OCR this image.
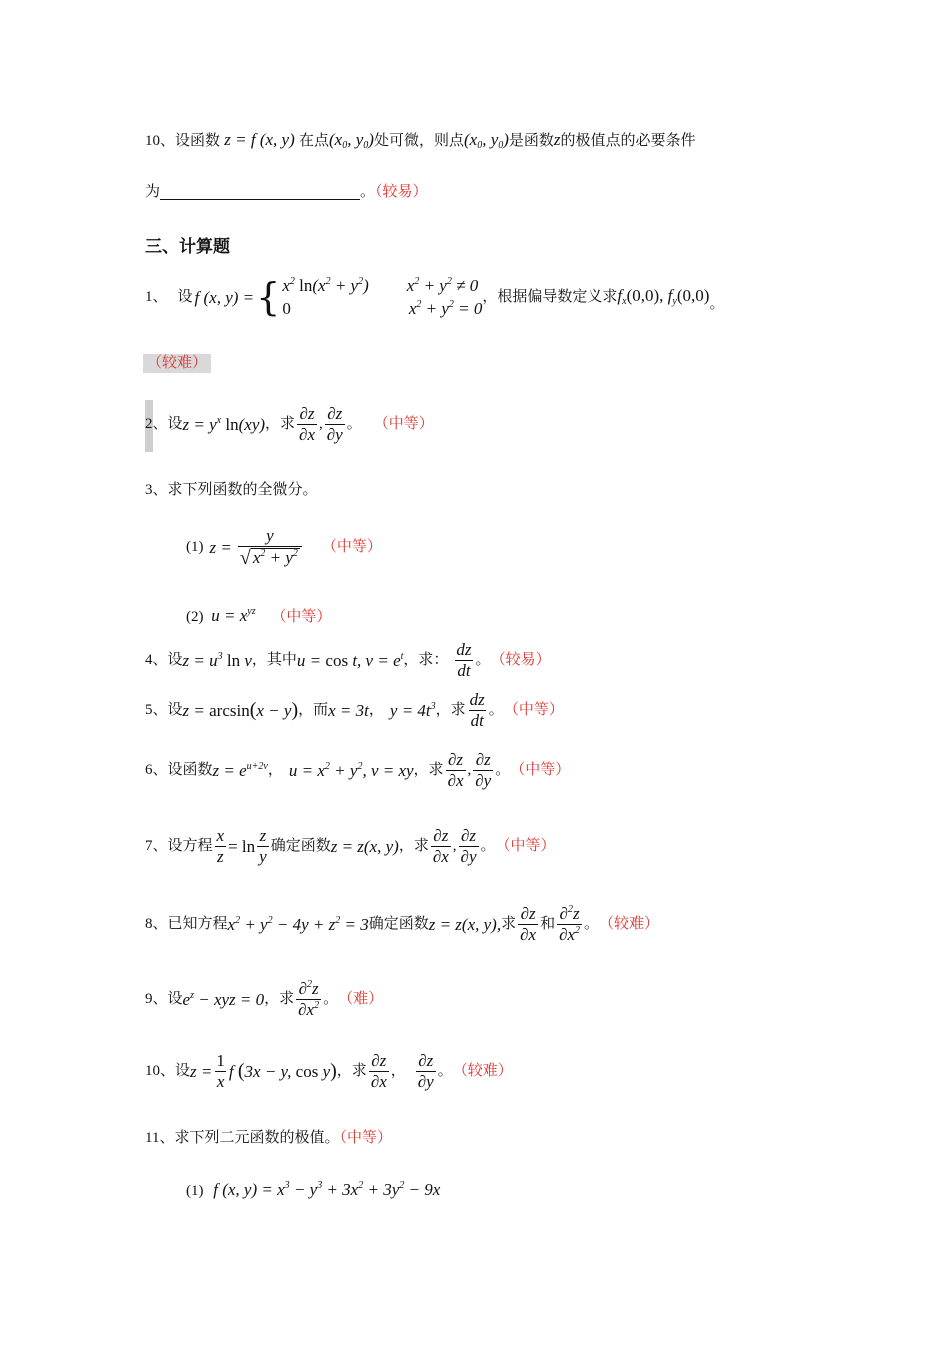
10、设函数 z = f (x, y) 在点($x_0$, $y_0$)处可微，则点($x_0$, $y_0$)是函数z的极值点的必要条件
为	。（较易）
三、计算题
1、 设 f (x, y) = { $x^2$ $\ln(x^2 + y^2) x^2 + y^2 \ne 0$
0	$x^2 + y^2 = 0$
，根据偏导数定义求 $f_x(0,0)$, $f_y(0,0)$ 。
（较难）
2、 设 $z = y^x$ ln(xy) ，求 $\frac{\partial z}{\partial x}$ , $\frac{\partial z}{\partial y}$ 。 （中等）
3、求下列函数的全微分。
(1) $z = \frac{y}{√ x^2 + y^2}$ （中等）
(2) $u = x^{yz}$ （中等）
4、 设 $z = u^3$ ln v ，其中 u = cos t, $v = e^t$ ，求： $\frac{dz}{dt}$ 。 （较易）
5、 设 z = arcsin(x − y) ，而 x = 3t ， $y = 4t^3$ ，求 $\frac{dz}{dt}$ 。 （中等）
6、 设函数 $z = e^{u+2v}$ ， $u = x^2 + y^2$, v = xy ，求 $\frac{\partial z}{\partial x}$ , $\frac{\partial z}{\partial y}$ 。 （中等）
7、 设方程 $\frac{x}{z} = \ln \frac{z}{y}$ 确定函数 z = z(x, y) ，求 $\frac{\partial z}{\partial x}$ , $\frac{\partial z}{\partial y}$ 。 （中等）
8、 已知方程 $x^2 + y^2 - 4y + z^2 = 3$ 确定函数 z = z(x, y), 求 $\frac{\partial z}{\partial x}$ 和 $\frac{\partial^2z}{\partial x^2}$ 。 （较难）
9、 设 $e^z$ − xyz = 0 ，求 $\frac{\partial^2z}{\partial x^2}$ 。 （难）
10、 设 $z = \frac{1}{x}$ f (3x − y, cos y) ，求 $\frac{\partial z}{\partial x}$ ， $\frac{\partial z}{\partial y}$ 。 （较难）
11、求下列二元函数的极值。（中等）
(1) f (x, $y) = x^3 - y^3 + 3x^2 + 3y^2 - 9x$
